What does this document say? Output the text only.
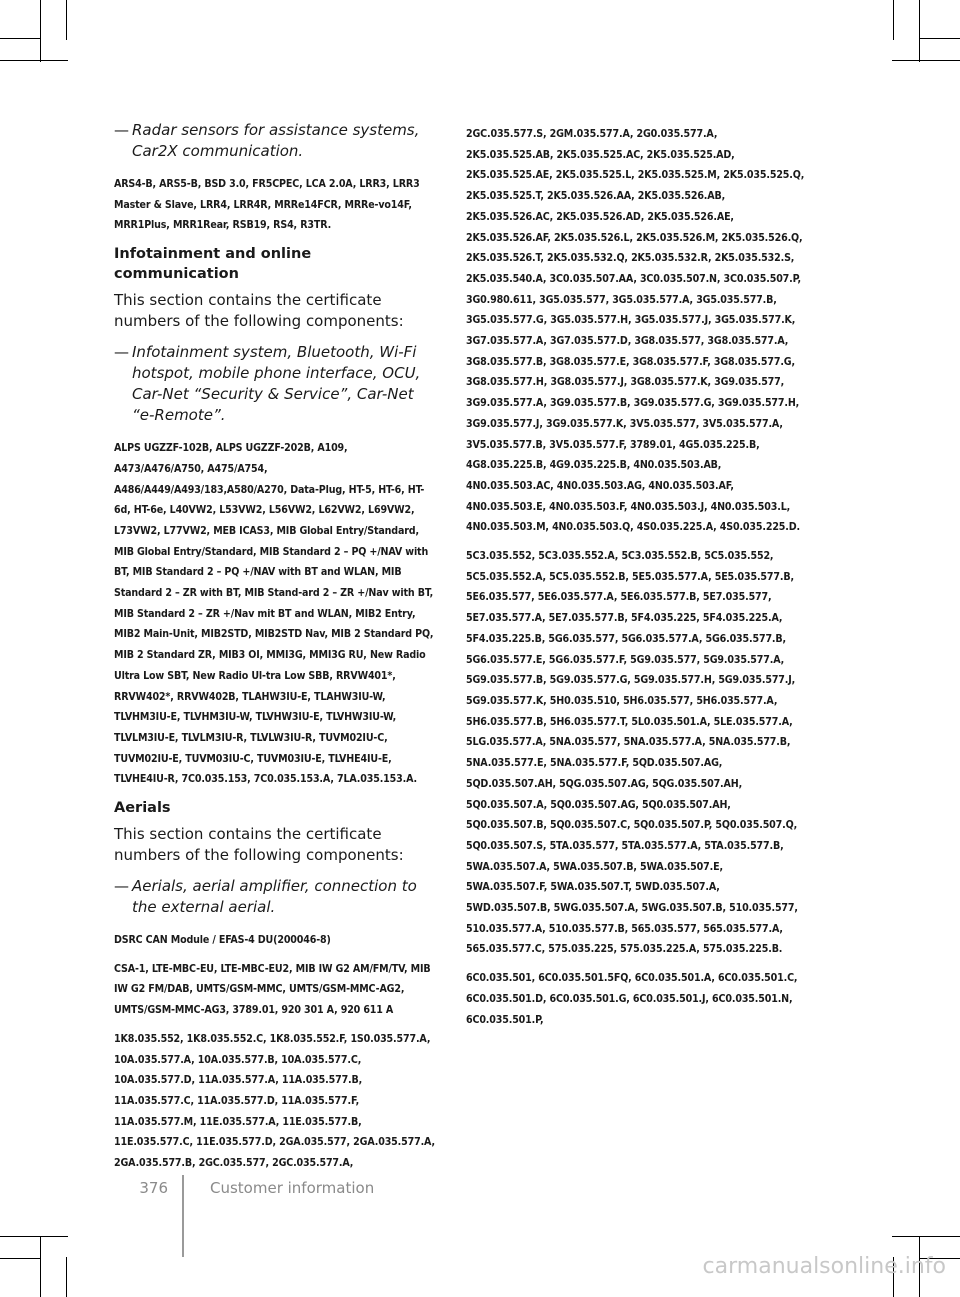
— Radar sensors for assistance systems, Car2X communication.

ARS4-B, ARS5-B, BSD 3.0, FR5CPEC, LCA 2.0A, LRR3, LRR3 Master & Slave, LRR4, LRR4R, MRRe14FCR, MRRe-vo14F, MRR1Plus, MRR1Rear, RSB19, RS4, R3TR.

Infotainment and online communication

This section contains the certificate numbers of the following components:

— Infotainment system, Bluetooth, Wi-Fi hotspot, mobile phone interface, OCU, Car-Net “Security & Service”, Car-Net “e-Remote”.

ALPS UGZZF-102B, ALPS UGZZF-202B, A109, A473/A476/A750, A475/A754, A486/A449/A493/183,A580/A270, Data-Plug, HT-5, HT-6, HT-6d, HT-6e, L40VW2, L53VW2, L56VW2, L62VW2, L69VW2, L73VW2, L77VW2, MEB ICAS3, MIB Global Entry/Standard, MIB Global Entry/Standard, MIB Standard 2 – PQ +/NAV with BT, MIB Standard 2 – PQ +/NAV with BT and WLAN, MIB Standard 2 – ZR with BT, MIB Stand-ard 2 – ZR +/Nav with BT, MIB Standard 2 – ZR +/Nav mit BT and WLAN, MIB2 Entry, MIB2 Main-Unit, MIB2STD, MIB2STD Nav, MIB 2 Standard PQ, MIB 2 Standard ZR, MIB3 OI, MMI3G, MMI3G RU, New Radio Ultra Low SBT, New Radio Ul-tra Low SBB, RRVW401*, RRVW402*, RRVW402B, TLAHW3IU-E, TLAHW3IU-W, TLVHM3IU-E, TLVHM3IU-W, TLVHW3IU-E, TLVHW3IU-W, TLVLM3IU-E, TLVLM3IU-R, TLVLW3IU-R, TUVM02IU-C, TUVM02IU-E, TUVM03IU-C, TUVM03IU-E, TLVHE4IU-E, TLVHE4IU-R, 7C0.035.153, 7C0.035.153.A, 7LA.035.153.A.

Aerials

This section contains the certificate numbers of the following components:

— Aerials, aerial amplifier, connection to the external aerial.

DSRC CAN Module / EFAS-4 DU(200046-8)

CSA-1, LTE-MBC-EU, LTE-MBC-EU2, MIB IW G2 AM/FM/TV, MIB IW G2 FM/DAB, UMTS/GSM-MMC, UMTS/GSM-MMC-AG2, UMTS/GSM-MMC-AG3, 3789.01, 920 301 A, 920 611 A

1K8.035.552, 1K8.035.552.C, 1K8.035.552.F, 1S0.035.577.A, 10A.035.577.A, 10A.035.577.B, 10A.035.577.C, 10A.035.577.D, 11A.035.577.A, 11A.035.577.B, 11A.035.577.C, 11A.035.577.D, 11A.035.577.F, 11A.035.577.M, 11E.035.577.A, 11E.035.577.B, 11E.035.577.C, 11E.035.577.D, 2GA.035.577, 2GA.035.577.A, 2GA.035.577.B, 2GC.035.577, 2GC.035.577.A,

2GC.035.577.S, 2GM.035.577.A, 2G0.035.577.A, 2K5.035.525.AB, 2K5.035.525.AC, 2K5.035.525.AD, 2K5.035.525.AE, 2K5.035.525.L, 2K5.035.525.M, 2K5.035.525.Q, 2K5.035.525.T, 2K5.035.526.AA, 2K5.035.526.AB, 2K5.035.526.AC, 2K5.035.526.AD, 2K5.035.526.AE, 2K5.035.526.AF, 2K5.035.526.L, 2K5.035.526.M, 2K5.035.526.Q, 2K5.035.526.T, 2K5.035.532.Q, 2K5.035.532.R, 2K5.035.532.S, 2K5.035.540.A, 3C0.035.507.AA, 3C0.035.507.N, 3C0.035.507.P, 3G0.980.611, 3G5.035.577, 3G5.035.577.A, 3G5.035.577.B, 3G5.035.577.G, 3G5.035.577.H, 3G5.035.577.J, 3G5.035.577.K, 3G7.035.577.A, 3G7.035.577.D, 3G8.035.577, 3G8.035.577.A, 3G8.035.577.B, 3G8.035.577.E, 3G8.035.577.F, 3G8.035.577.G, 3G8.035.577.H, 3G8.035.577.J, 3G8.035.577.K, 3G9.035.577, 3G9.035.577.A, 3G9.035.577.B, 3G9.035.577.G, 3G9.035.577.H, 3G9.035.577.J, 3G9.035.577.K, 3V5.035.577, 3V5.035.577.A, 3V5.035.577.B, 3V5.035.577.F, 3789.01, 4G5.035.225.B, 4G8.035.225.B, 4G9.035.225.B, 4N0.035.503.AB, 4N0.035.503.AC, 4N0.035.503.AG, 4N0.035.503.AF, 4N0.035.503.E, 4N0.035.503.F, 4N0.035.503.J, 4N0.035.503.L, 4N0.035.503.M, 4N0.035.503.Q, 4S0.035.225.A, 4S0.035.225.D.

5C3.035.552, 5C3.035.552.A, 5C3.035.552.B, 5C5.035.552, 5C5.035.552.A, 5C5.035.552.B, 5E5.035.577.A, 5E5.035.577.B, 5E6.035.577, 5E6.035.577.A, 5E6.035.577.B, 5E7.035.577, 5E7.035.577.A, 5E7.035.577.B, 5F4.035.225, 5F4.035.225.A, 5F4.035.225.B, 5G6.035.577, 5G6.035.577.A, 5G6.035.577.B, 5G6.035.577.E, 5G6.035.577.F, 5G9.035.577, 5G9.035.577.A, 5G9.035.577.B, 5G9.035.577.G, 5G9.035.577.H, 5G9.035.577.J, 5G9.035.577.K, 5H0.035.510, 5H6.035.577, 5H6.035.577.A, 5H6.035.577.B, 5H6.035.577.T, 5L0.035.501.A, 5LE.035.577.A, 5LG.035.577.A, 5NA.035.577, 5NA.035.577.A, 5NA.035.577.B, 5NA.035.577.E, 5NA.035.577.F, 5QD.035.507.AG, 5QD.035.507.AH, 5QG.035.507.AG, 5QG.035.507.AH, 5Q0.035.507.A, 5Q0.035.507.AG, 5Q0.035.507.AH, 5Q0.035.507.B, 5Q0.035.507.C, 5Q0.035.507.P, 5Q0.035.507.Q, 5Q0.035.507.S, 5TA.035.577, 5TA.035.577.A, 5TA.035.577.B, 5WA.035.507.A, 5WA.035.507.B, 5WA.035.507.E, 5WA.035.507.F, 5WA.035.507.T, 5WD.035.507.A, 5WD.035.507.B, 5WG.035.507.A, 5WG.035.507.B, 510.035.577, 510.035.577.A, 510.035.577.B, 565.035.577, 565.035.577.A, 565.035.577.C, 575.035.225, 575.035.225.A, 575.035.225.B.

6C0.035.501, 6C0.035.501.5FQ, 6C0.035.501.A, 6C0.035.501.C, 6C0.035.501.D, 6C0.035.501.G, 6C0.035.501.J, 6C0.035.501.N, 6C0.035.501.P,

376	Customer information
carmanualsonline.info
